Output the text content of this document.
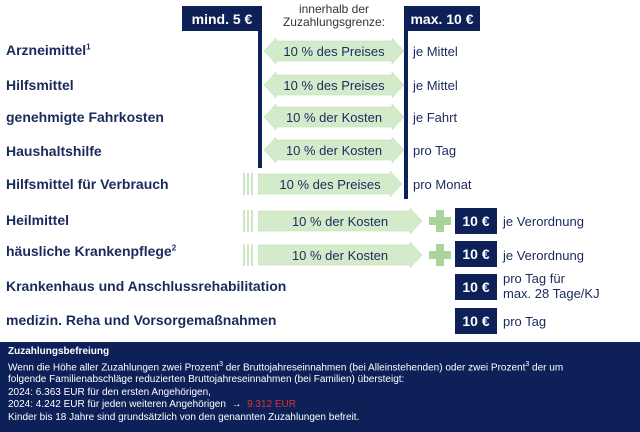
mind. 5 €
innerhalb der
Zuzahlungsgrenze:	max. 10 €
Arzneimittel$^1$	10 % des Preises	je Mittel
Hilfsmittel	10 % des Preises	je Mittel
genehmigte Fahrkosten	10 % der Kosten	je Fahrt
Haushaltshilfe	10 % der Kosten	pro Tag
Hilfsmittel für Verbrauch	10 % des Preises	pro Monat
Heilmittel	10 % der Kosten	10 €	je Verordnung
häusliche Krankenpflege$^2$	10 % der Kosten	10 €	je Verordnung
Krankenhaus und Anschlussrehabilitation	10 €
pro Tag für
max. 28 Tage/KJ
medizin. Reha und Vorsorgemaßnahmen	10 €	pro Tag
Zuzahlungsbefreiung
Wenn die Höhe aller Zuzahlungen zwei Prozent$^3$ der Bruttojahreseinnahmen (bei Alleinstehenden) oder zwei Prozent$^3$ der um
folgende Familienabschläge reduzierten Bruttojahreseinnahmen (bei Familien) übersteigt:
2024: 6.363 EUR für den ersten Angehörigen,
2024: 4.242 EUR für jeden weiteren Angehörigen → 9.312 EUR
Kinder bis 18 Jahre sind grundsätzlich von den genannten Zuzahlungen befreit.
